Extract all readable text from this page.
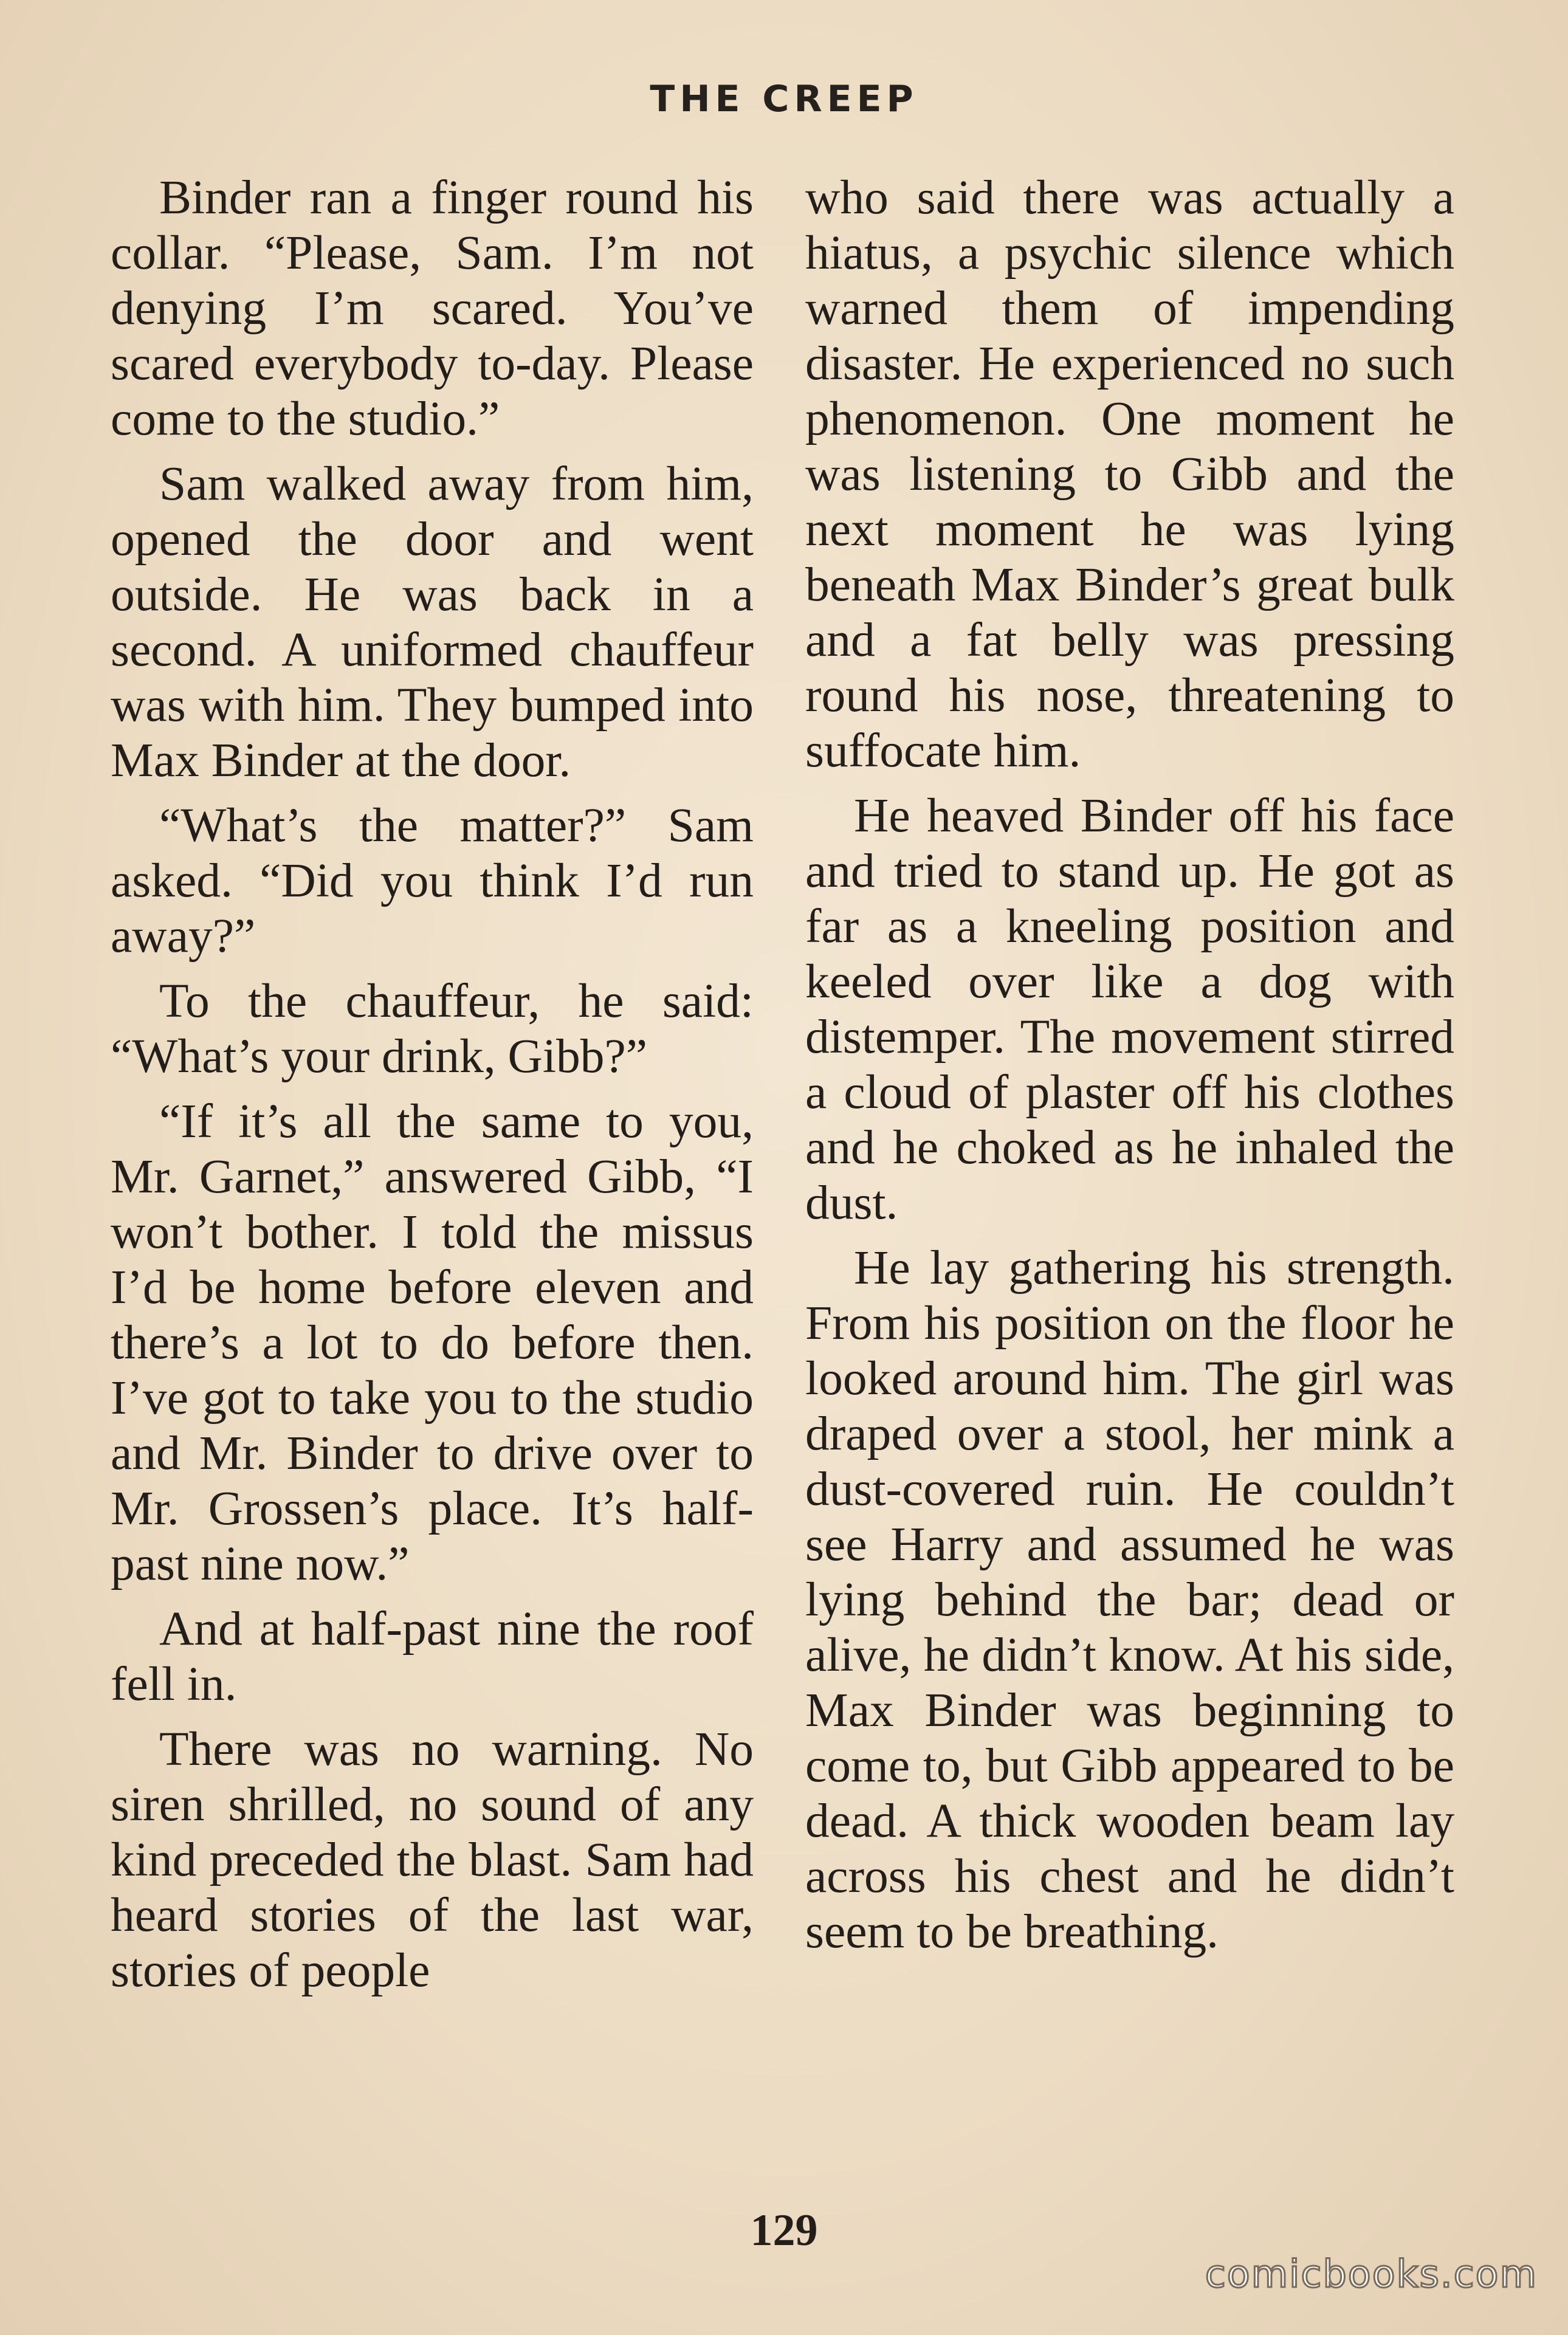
THE CREEP

Binder ran a finger round his collar. “Please, Sam. I’m not denying I’m scared. You’ve scared everybody to-day. Please come to the studio.”

Sam walked away from him, opened the door and went outside. He was back in a second. A uniformed chauffeur was with him. They bumped into Max Binder at the door.

“What’s the matter?” Sam asked. “Did you think I’d run away?”

To the chauffeur, he said: “What’s your drink, Gibb?”

“If it’s all the same to you, Mr. Garnet,” answered Gibb, “I won’t bother. I told the missus I’d be home before eleven and there’s a lot to do before then. I’ve got to take you to the studio and Mr. Binder to drive over to Mr. Grossen’s place. It’s half-past nine now.”

And at half-past nine the roof fell in.

There was no warning. No siren shrilled, no sound of any kind preceded the blast. Sam had heard stories of the last war, stories of people

who said there was actually a hiatus, a psychic silence which warned them of impending disaster. He experienced no such phenomenon. One moment he was listening to Gibb and the next moment he was lying beneath Max Binder’s great bulk and a fat belly was pressing round his nose, threatening to suffocate him.

He heaved Binder off his face and tried to stand up. He got as far as a kneeling position and keeled over like a dog with distemper. The movement stirred a cloud of plaster off his clothes and he choked as he inhaled the dust.

He lay gathering his strength. From his position on the floor he looked around him. The girl was draped over a stool, her mink a dust-covered ruin. He couldn’t see Harry and assumed he was lying behind the bar; dead or alive, he didn’t know. At his side, Max Binder was beginning to come to, but Gibb appeared to be dead. A thick wooden beam lay across his chest and he didn’t seem to be breathing.

129
comicbooks.com
